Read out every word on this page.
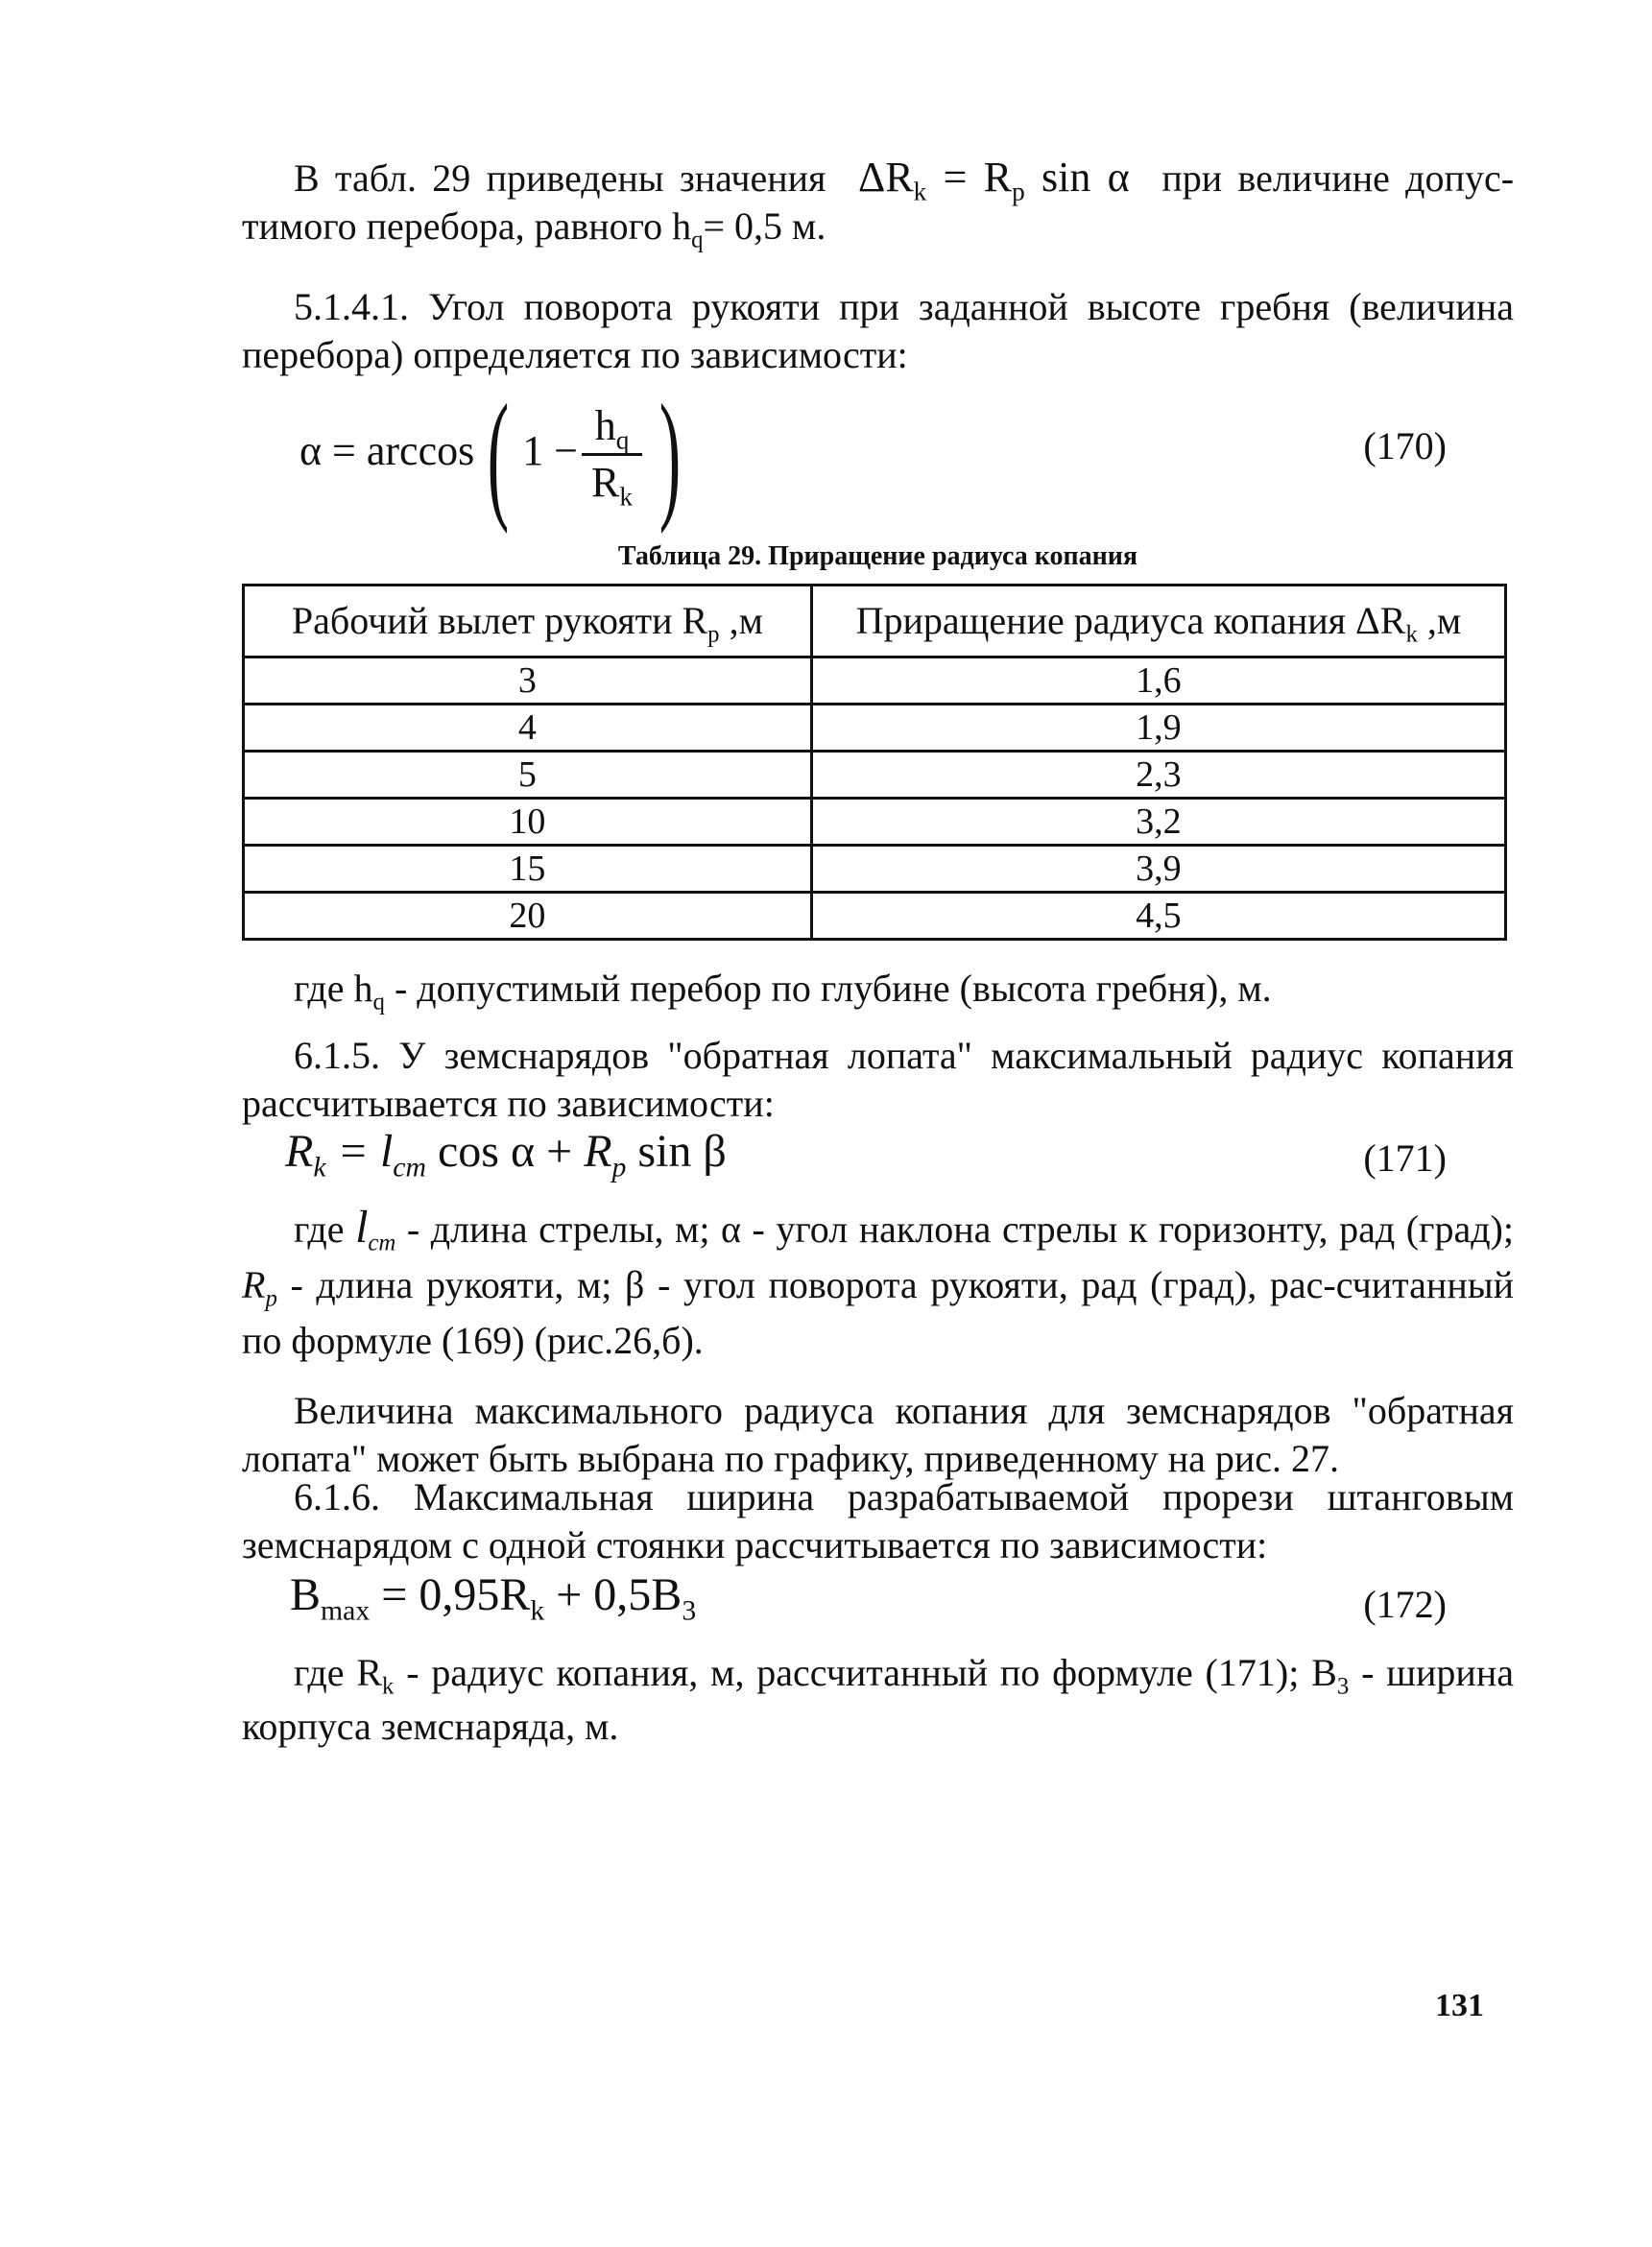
В табл. 29 приведены значения $\Delta R_k = R_p$ sin α при величине допус- тимого перебора, равного $h_q= 0,5$ м.
5.1.4.1. Угол поворота рукояти при заданной высоте гребня (величина перебора) определяется по зависимости:
α = arccos( $1 - \frac{h_q}{R_k}$ )	(170)
Таблица 29. Приращение радиуса копания
Рабочий вылет рукояти $R_p$ ,м	Приращение радиуса копания $\Delta R_k$ ,м
3	1,6
4	1,9
5	2,3
10	3,2
15	3,9
20	4,5
где $h_q$ - допустимый перебор по глубине (высота гребня), м.
6.1.5. У земснарядов "обратная лопата" максимальный радиус копания рассчитывается по зависимости:
$R_k = l_{cm}$ $\cos \alpha + R_p$ sin β	(171)
где $l_{cm}$ - длина стрелы, м; α - угол наклона стрелы к горизонту, рад (град); $R_p$ - длина рукояти, м; β - угол поворота рукояти, рад (град), рас-считанный по формуле (169) (рис.26,б).
Величина максимального радиуса копания для земснарядов "обратная лопата" может быть выбрана по графику, приведенному на рис. 27.
6.1.6. Максимальная ширина разрабатываемой прорези штанговым земснарядом с одной стоянки рассчитывается по зависимости:
$B_{max} = 0,95R_k + 0,5B_3$	(172)
где $R_k$ - радиус копания, м, рассчитанный по формуле (171); $B_3$ - ширина корпуса земснаряда, м.
131
